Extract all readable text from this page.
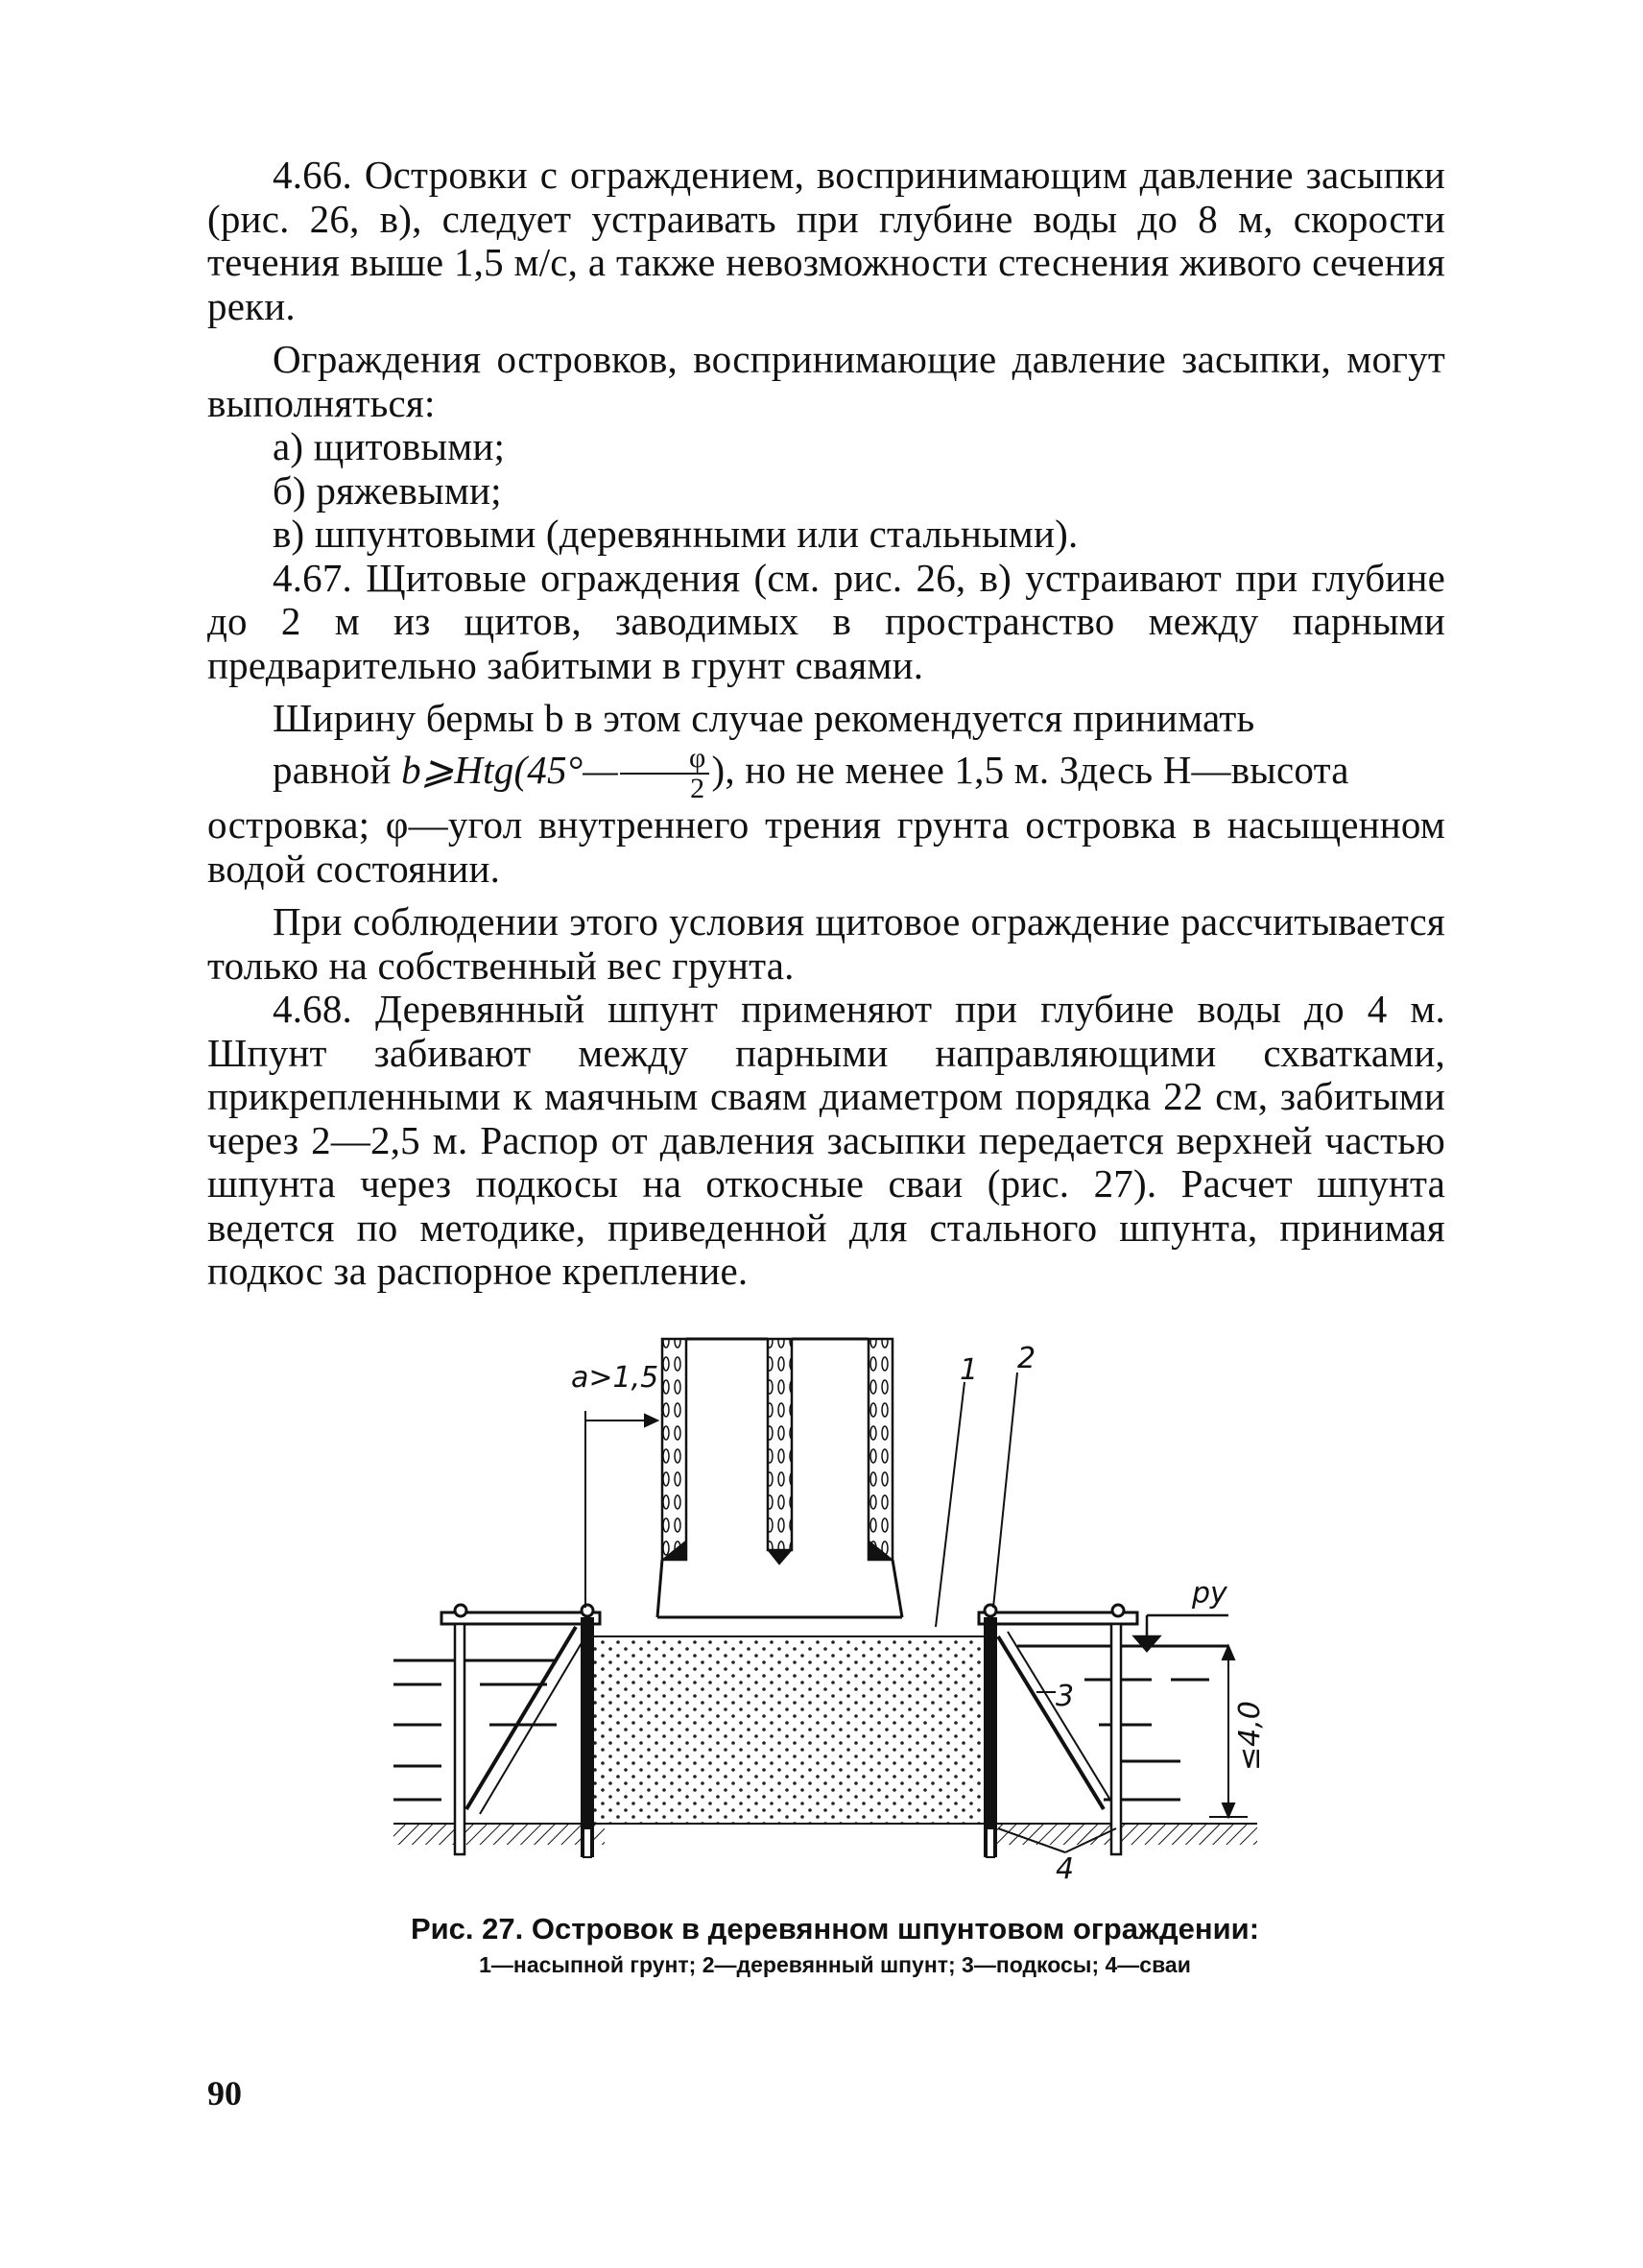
4.66. Островки с ограждением, воспринимающим давление засыпки (рис. 26, в), следует устраивать при глубине воды до 8 м, скорости течения выше 1,5 м/с, а также невозможности стеснения живого сечения реки.

Ограждения островков, воспринимающие давление засыпки, могут выполняться:

а) щитовыми;

б) ряжевыми;

в) шпунтовыми (деревянными или стальными).

4.67. Щитовые ограждения (см. рис. 26, в) устраивают при глубине до 2 м из щитов, заводимых в пространство между парными предварительно забитыми в грунт сваями.

Ширину бермы b в этом случае рекомендуется принимать

равной b⩾Htg(45°— $\frac{\varphi}{2}$ ), но не менее 1,5 м. Здесь H—высота

островка; φ—угол внутреннего трения грунта островка в насыщенном водой состоянии.

При соблюдении этого условия щитовое ограждение рассчитывается только на собственный вес грунта.

4.68. Деревянный шпунт применяют при глубине воды до 4 м. Шпунт забивают между парными направляющими схватками, прикрепленными к маячным сваям диаметром порядка 22 см, забитыми через 2—2,5 м. Распор от давления засыпки передается верхней частью шпунта через подкосы на откосные сваи (рис. 27). Расчет шпунта ведется по методике, приведенной для стального шпунта, принимая подкос за распорное крепление.

a>1,5	1 2
3
4
py
≤4,0
Рис. 27. Островок в деревянном шпунтовом ограждении:
1—насыпной грунт; 2—деревянный шпунт; 3—подкосы; 4—сваи
90
